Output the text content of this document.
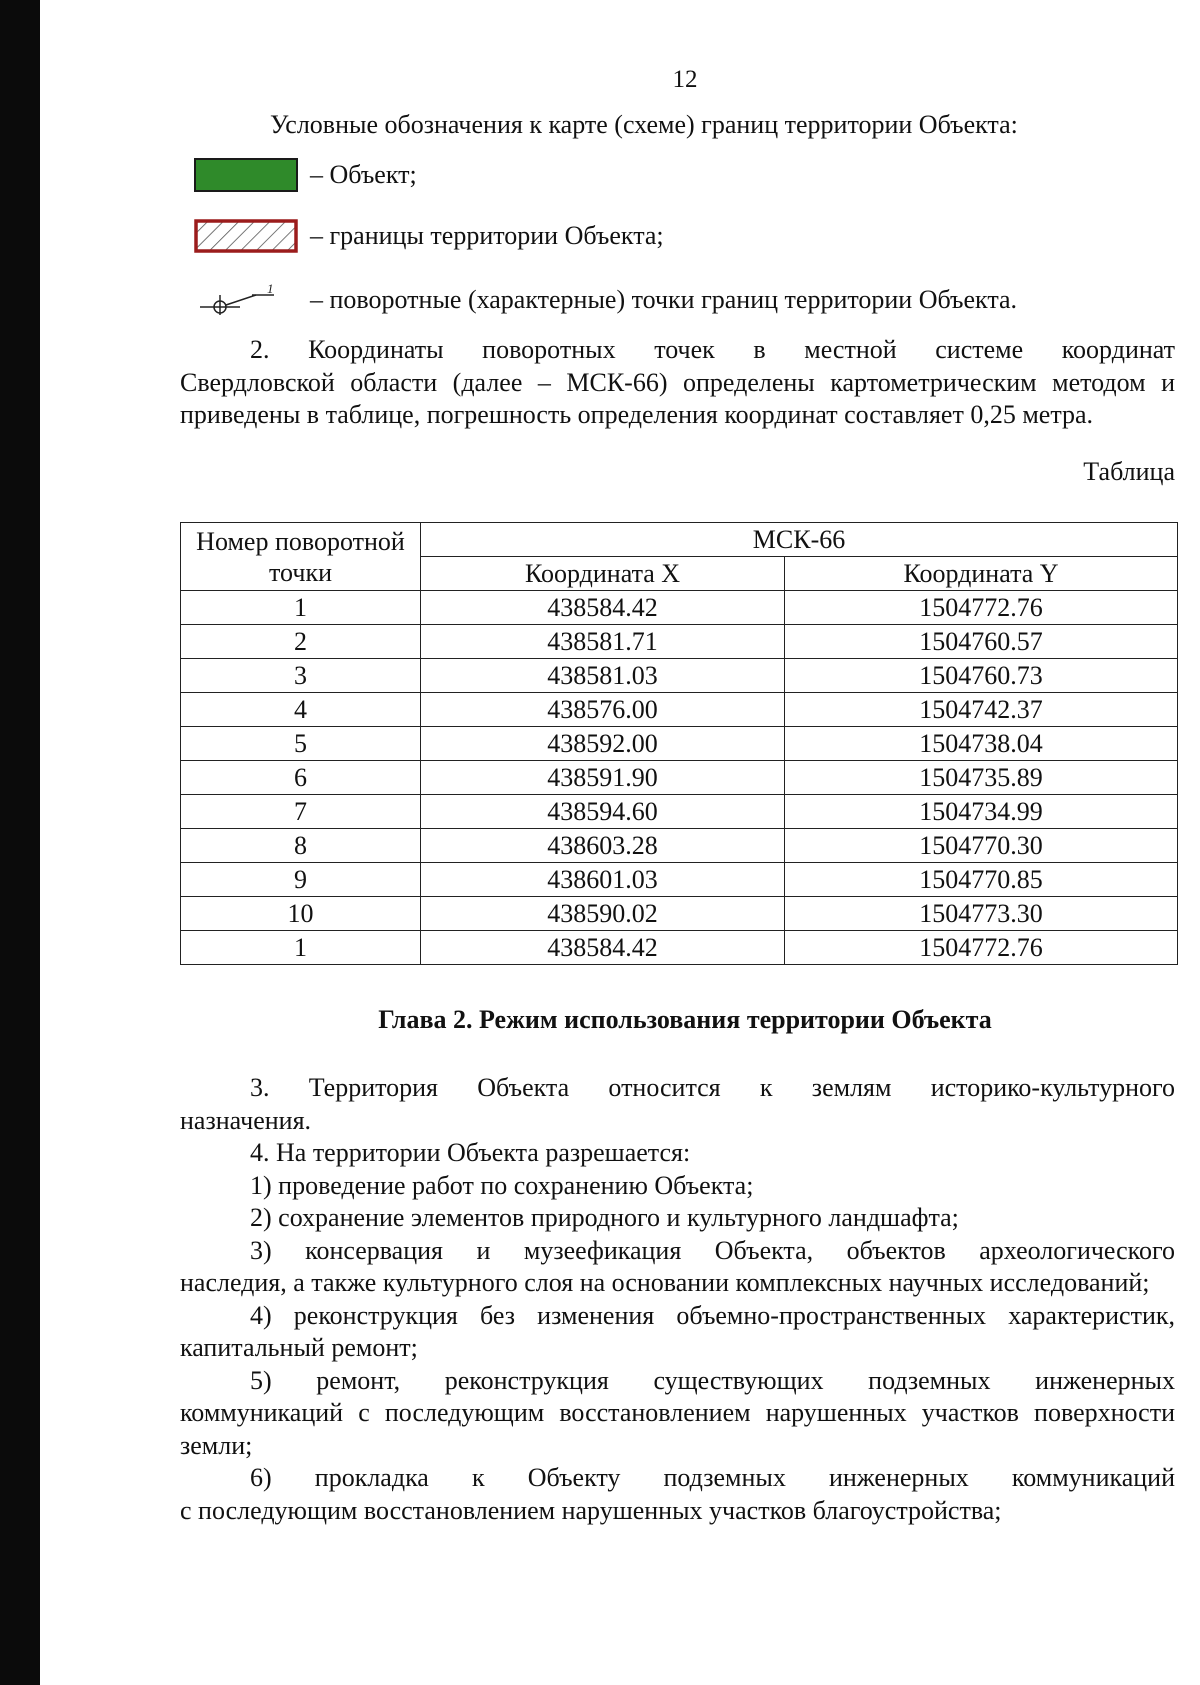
12
Условные обозначения к карте (схеме) границ территории Объекта:
– Объект;
– границы территории Объекта;
1 – поворотные (характерные) точки границ территории Объекта.
2. Координаты поворотных точек в местной системе координат
Свердловской области (далее – МСК-66) определены картометрическим методом и приведены в таблице, погрешность определения координат составляет 0,25 метра.
Таблица
Номер поворотной точки	МСК-66	
	Координата X	Координата Y
1	438584.42	1504772.76
2	438581.71	1504760.57
3	438581.03	1504760.73
4	438576.00	1504742.37
5	438592.00	1504738.04
6	438591.90	1504735.89
7	438594.60	1504734.99
8	438603.28	1504770.30
9	438601.03	1504770.85
10	438590.02	1504773.30
1	438584.42	1504772.76
Глава 2. Режим использования территории Объекта
3. Территория Объекта относится к землям историко-культурного
назначения.
4. На территории Объекта разрешается:
1) проведение работ по сохранению Объекта;
2) сохранение элементов природного и культурного ландшафта;
3) консервация и музеефикация Объекта, объектов археологического
наследия, а также культурного слоя на основании комплексных научных исследований;
4) реконструкция без изменения объемно-пространственных характеристик,
капитальный ремонт;
5) ремонт, реконструкция существующих подземных инженерных
коммуникаций с последующим восстановлением нарушенных участков поверхности земли;
6) прокладка к Объекту подземных инженерных коммуникаций
с последующим восстановлением нарушенных участков благоустройства;
